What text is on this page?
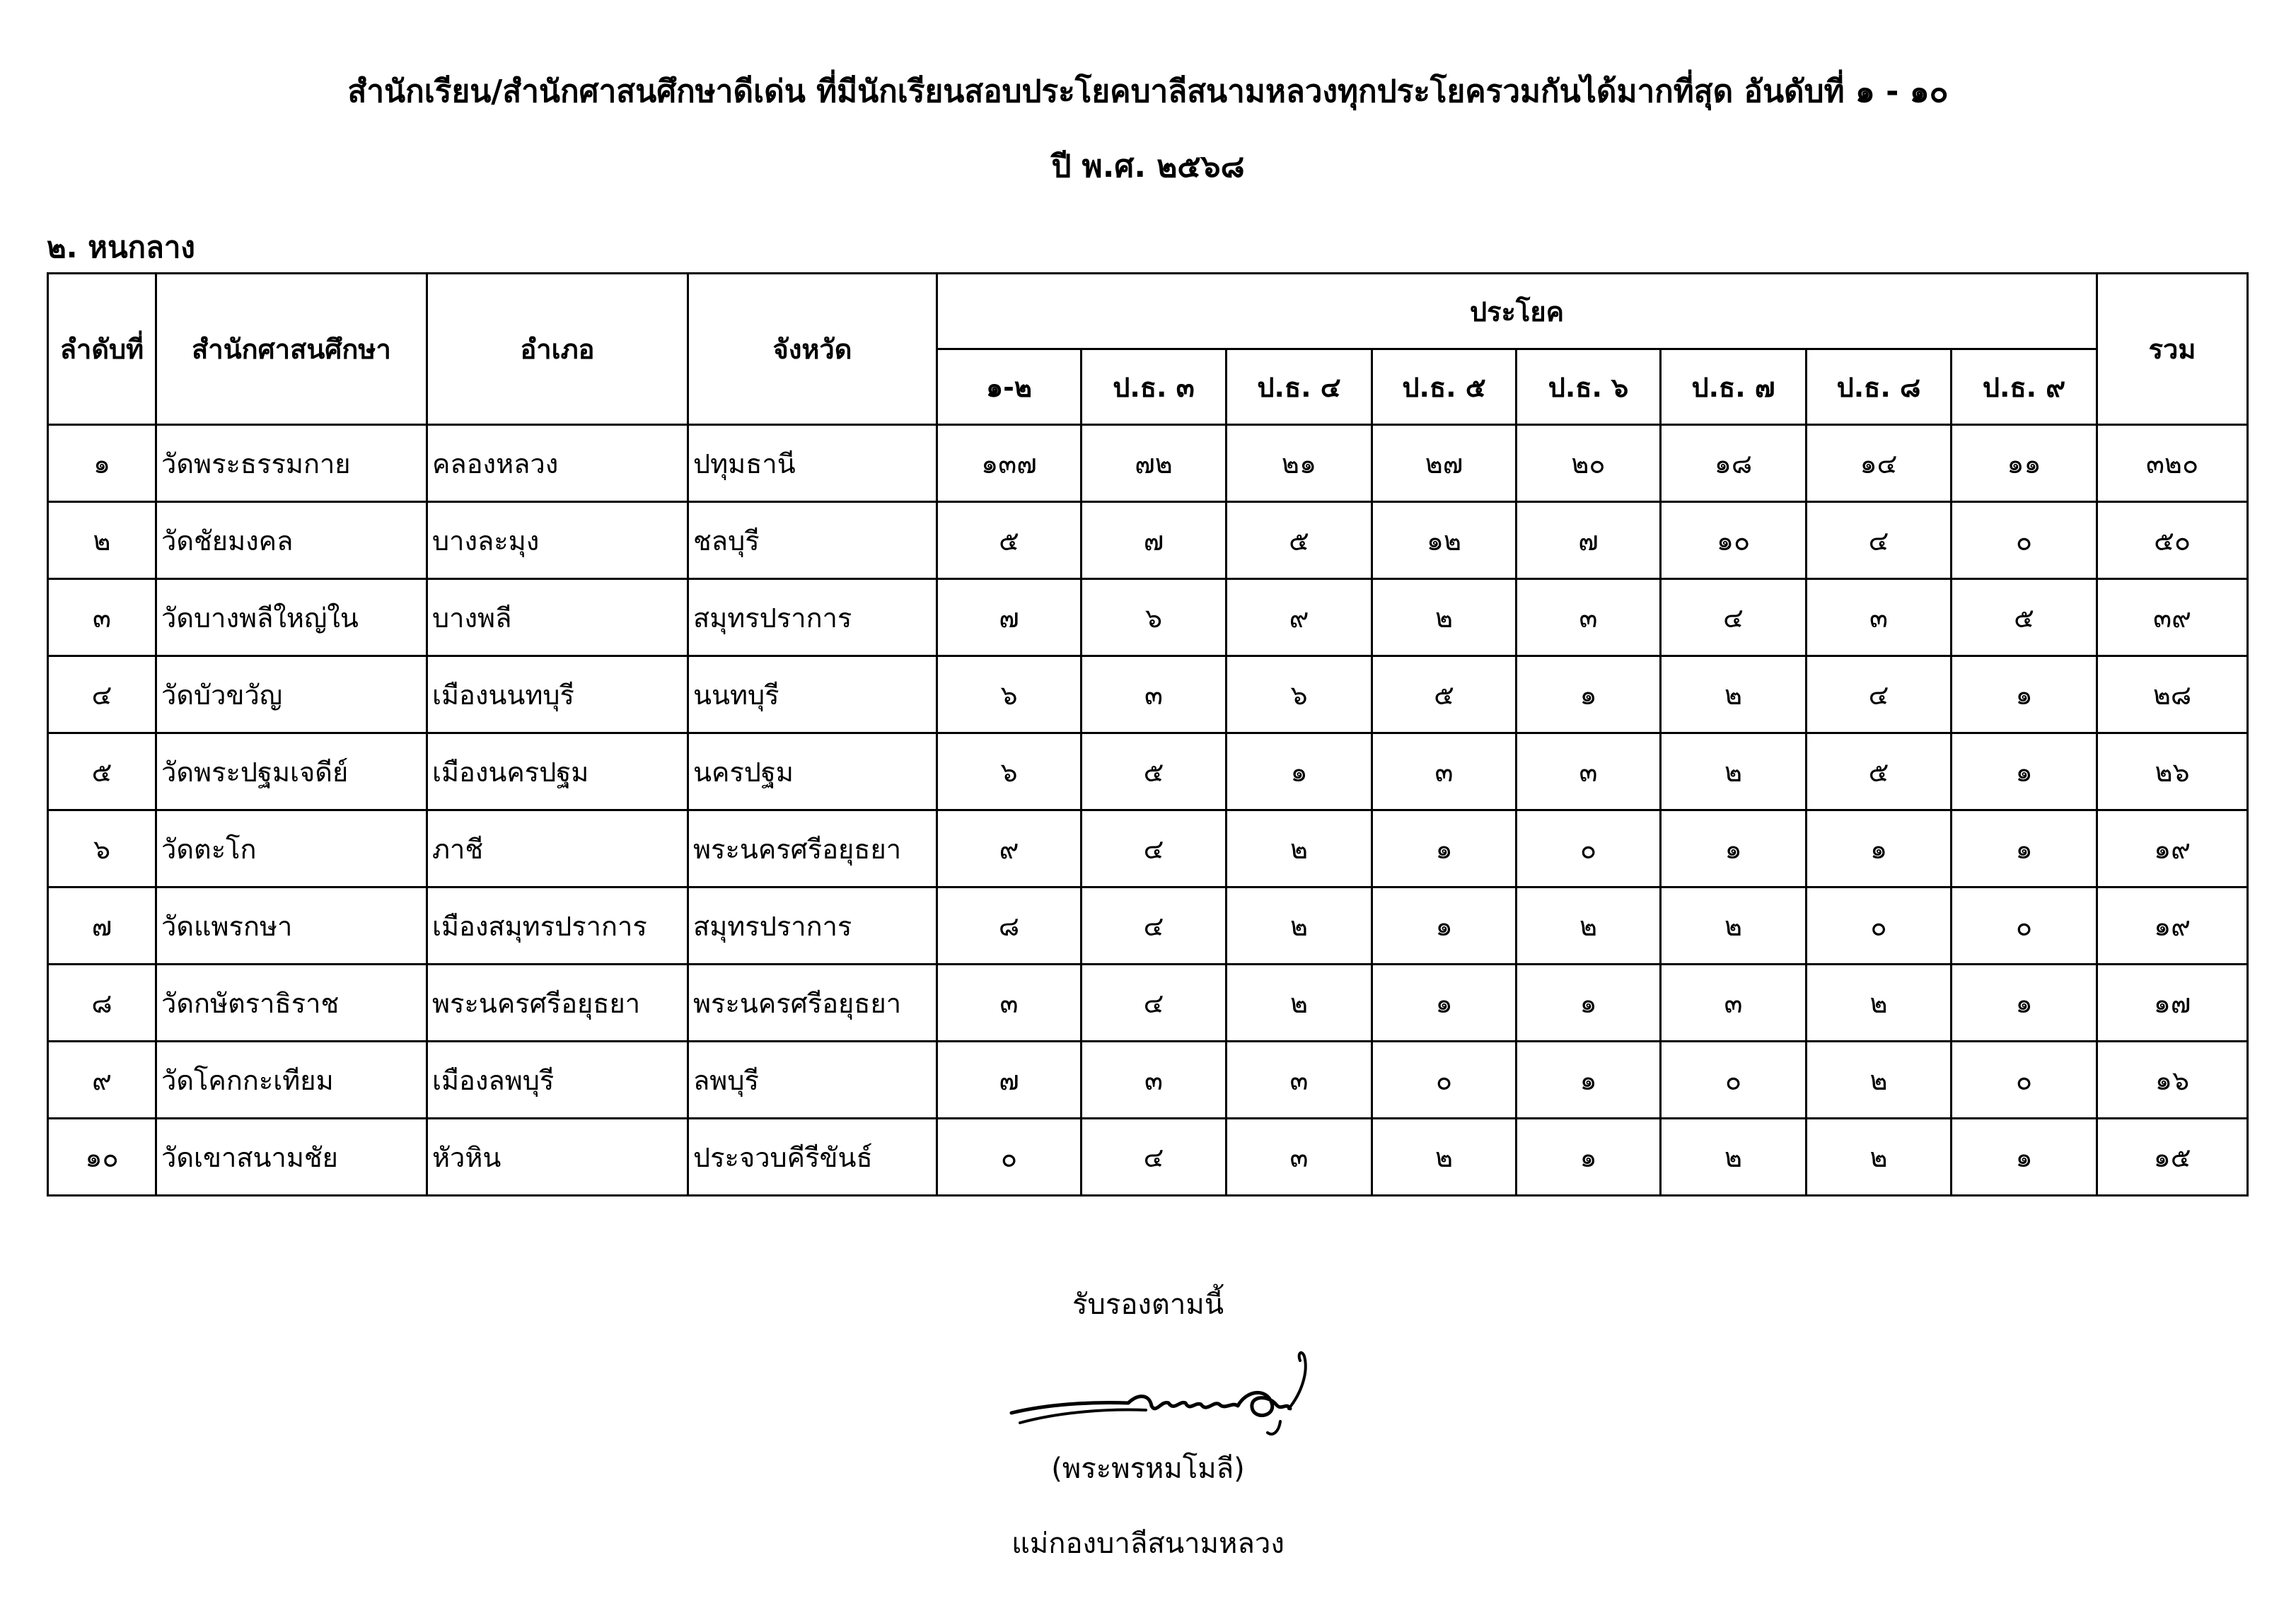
สำนักเรียน/สำนักศาสนศึกษาดีเด่น ที่มีนักเรียนสอบประโยคบาลีสนามหลวงทุกประโยครวมกันได้มากที่สุด อันดับที่ ๑ - ๑๐
ปี พ.ศ. ๒๕๖๘
๒. หนกลาง
ลำดับที่	สำนักศาสนศึกษา	อำเภอ	จังหวัด	ประโยค								รวม
				๑-๒	ป.ธ. ๓	ป.ธ. ๔	ป.ธ. ๕	ป.ธ. ๖	ป.ธ. ๗	ป.ธ. ๘	ป.ธ. ๙	
๑	วัดพระธรรมกาย	คลองหลวง	ปทุมธานี	๑๓๗	๗๒	๒๑	๒๗	๒๐	๑๘	๑๔	๑๑	๓๒๐
๒	วัดชัยมงคล	บางละมุง	ชลบุรี	๕	๗	๕	๑๒	๗	๑๐	๔	๐	๕๐
๓	วัดบางพลีใหญ่ใน	บางพลี	สมุทรปราการ	๗	๖	๙	๒	๓	๔	๓	๕	๓๙
๔	วัดบัวขวัญ	เมืองนนทบุรี	นนทบุรี	๖	๓	๖	๕	๑	๒	๔	๑	๒๘
๕	วัดพระปฐมเจดีย์	เมืองนครปฐม	นครปฐม	๖	๕	๑	๓	๓	๒	๕	๑	๒๖
๖	วัดตะโก	ภาชี	พระนครศรีอยุธยา	๙	๔	๒	๑	๐	๑	๑	๑	๑๙
๗	วัดแพรกษา	เมืองสมุทรปราการ	สมุทรปราการ	๘	๔	๒	๑	๒	๒	๐	๐	๑๙
๘	วัดกษัตราธิราช	พระนครศรีอยุธยา	พระนครศรีอยุธยา	๓	๔	๒	๑	๑	๓	๒	๑	๑๗
๙	วัดโคกกะเทียม	เมืองลพบุรี	ลพบุรี	๗	๓	๓	๐	๑	๐	๒	๐	๑๖
๑๐	วัดเขาสนามชัย	หัวหิน	ประจวบคีรีขันธ์	๐	๔	๓	๒	๑	๒	๒	๑	๑๕
รับรองตามนี้
(พระพรหมโมลี)
แม่กองบาลีสนามหลวง
